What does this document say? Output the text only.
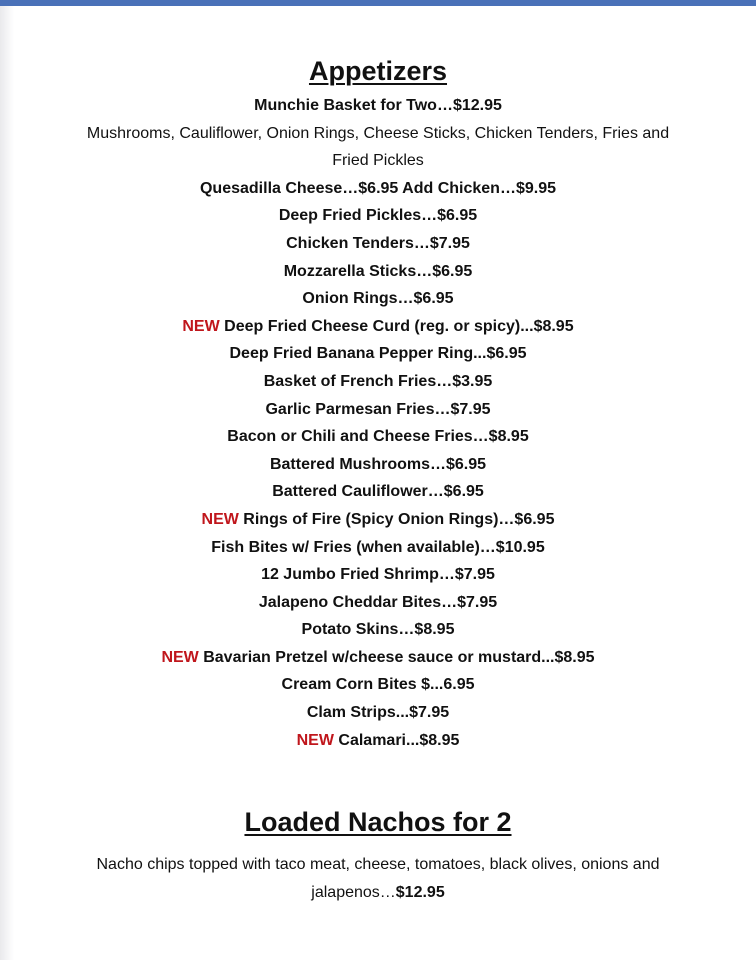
Appetizers
Munchie Basket for Two…$12.95
Mushrooms, Cauliflower, Onion Rings, Cheese Sticks, Chicken Tenders, Fries and
Fried Pickles
Quesadilla Cheese…$6.95 Add Chicken…$9.95
Deep Fried Pickles…$6.95
Chicken Tenders…$7.95
Mozzarella Sticks…$6.95
Onion Rings…$6.95
NEW Deep Fried Cheese Curd (reg. or spicy)...$8.95
Deep Fried Banana Pepper Ring...$6.95
Basket of French Fries…$3.95
Garlic Parmesan Fries…$7.95
Bacon or Chili and Cheese Fries…$8.95
Battered Mushrooms…$6.95
Battered Cauliflower…$6.95
NEW Rings of Fire (Spicy Onion Rings)…$6.95
Fish Bites w/ Fries (when available)…$10.95
12 Jumbo Fried Shrimp…$7.95
Jalapeno Cheddar Bites…$7.95
Potato Skins…$8.95
NEW Bavarian Pretzel w/cheese sauce or mustard...$8.95
Cream Corn Bites $...6.95
Clam Strips...$7.95
NEW Calamari...$8.95
Loaded Nachos for 2
Nacho chips topped with taco meat, cheese, tomatoes, black olives, onions and
jalapenos…$12.95
